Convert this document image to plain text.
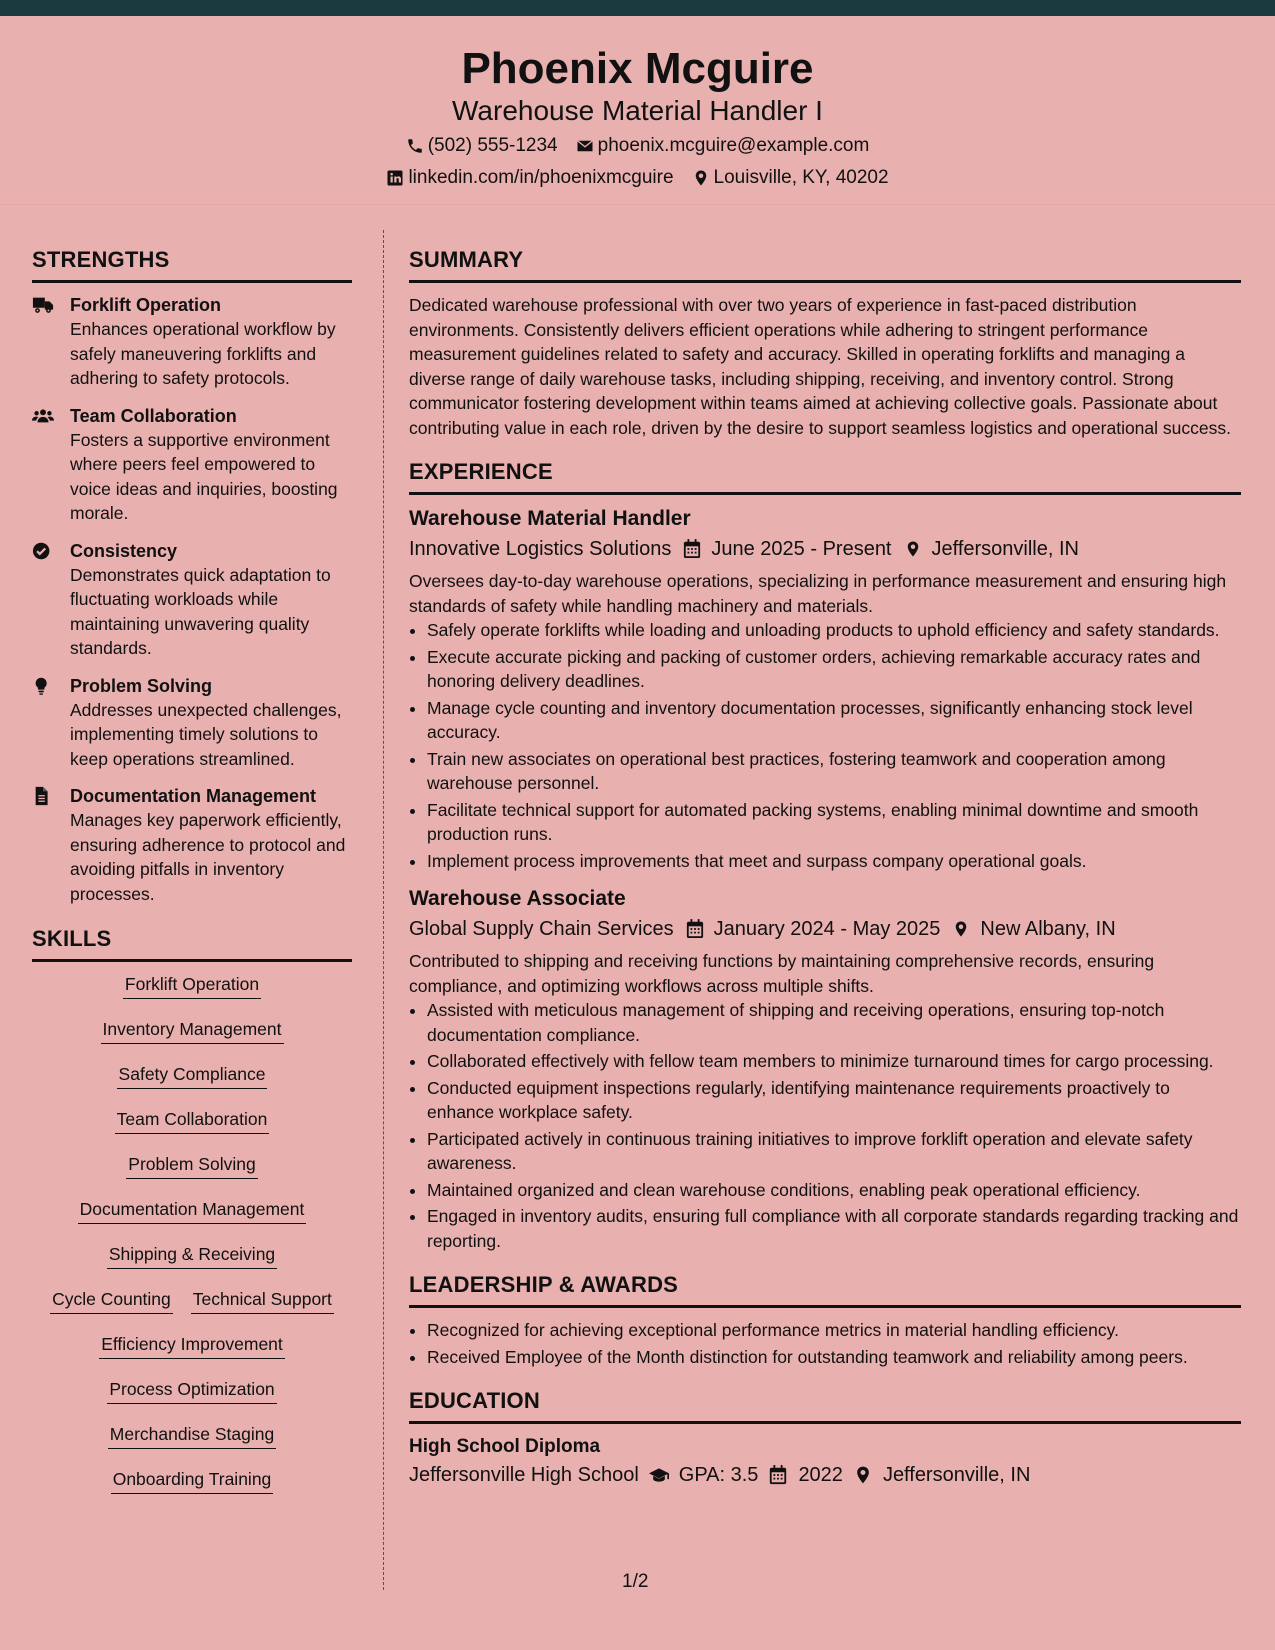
Phoenix Mcguire
Warehouse Material Handler I
(502) 555-1234 phoenix.mcguire@example.com
linkedin.com/in/phoenixmcguire Louisville, KY, 40202
STRENGTHS
Forklift Operation
Enhances operational workflow by safely maneuvering forklifts and adhering to safety protocols.
Team Collaboration
Fosters a supportive environment where peers feel empowered to voice ideas and inquiries, boosting morale.
Consistency
Demonstrates quick adaptation to fluctuating workloads while maintaining unwavering quality standards.
Problem Solving
Addresses unexpected challenges, implementing timely solutions to keep operations streamlined.
Documentation Management
Manages key paperwork efficiently, ensuring adherence to protocol and avoiding pitfalls in inventory processes.
SKILLS
Forklift Operation
Inventory Management
Safety Compliance
Team Collaboration
Problem Solving
Documentation Management
Shipping & Receiving
Cycle Counting Technical Support
Efficiency Improvement
Process Optimization
Merchandise Staging
Onboarding Training
SUMMARY

Dedicated warehouse professional with over two years of experience in fast-paced distribution environments. Consistently delivers efficient operations while adhering to stringent performance measurement guidelines related to safety and accuracy. Skilled in operating forklifts and managing a diverse range of daily warehouse tasks, including shipping, receiving, and inventory control. Strong communicator fostering development within teams aimed at achieving collective goals. Passionate about contributing value in each role, driven by the desire to support seamless logistics and operational success.

EXPERIENCE
Warehouse Material Handler
Innovative Logistics Solutions June 2025 - Present Jeffersonville, IN
Oversees day-to-day warehouse operations, specializing in performance measurement and ensuring high standards of safety while handling machinery and materials.
• Safely operate forklifts while loading and unloading products to uphold efficiency and safety standards.
• Execute accurate picking and packing of customer orders, achieving remarkable accuracy rates and honoring delivery deadlines.
• Manage cycle counting and inventory documentation processes, significantly enhancing stock level accuracy.
• Train new associates on operational best practices, fostering teamwork and cooperation among warehouse personnel.
• Facilitate technical support for automated packing systems, enabling minimal downtime and smooth production runs.
• Implement process improvements that meet and surpass company operational goals.
Warehouse Associate
Global Supply Chain Services January 2024 - May 2025 New Albany, IN
Contributed to shipping and receiving functions by maintaining comprehensive records, ensuring compliance, and optimizing workflows across multiple shifts.
• Assisted with meticulous management of shipping and receiving operations, ensuring top-notch documentation compliance.
• Collaborated effectively with fellow team members to minimize turnaround times for cargo processing.
• Conducted equipment inspections regularly, identifying maintenance requirements proactively to enhance workplace safety.
• Participated actively in continuous training initiatives to improve forklift operation and elevate safety awareness.
• Maintained organized and clean warehouse conditions, enabling peak operational efficiency.
• Engaged in inventory audits, ensuring full compliance with all corporate standards regarding tracking and reporting.
LEADERSHIP & AWARDS
• Recognized for achieving exceptional performance metrics in material handling efficiency.
• Received Employee of the Month distinction for outstanding teamwork and reliability among peers.
EDUCATION
High School Diploma
Jeffersonville High School GPA: 3.5 2022 Jeffersonville, IN
1/2
